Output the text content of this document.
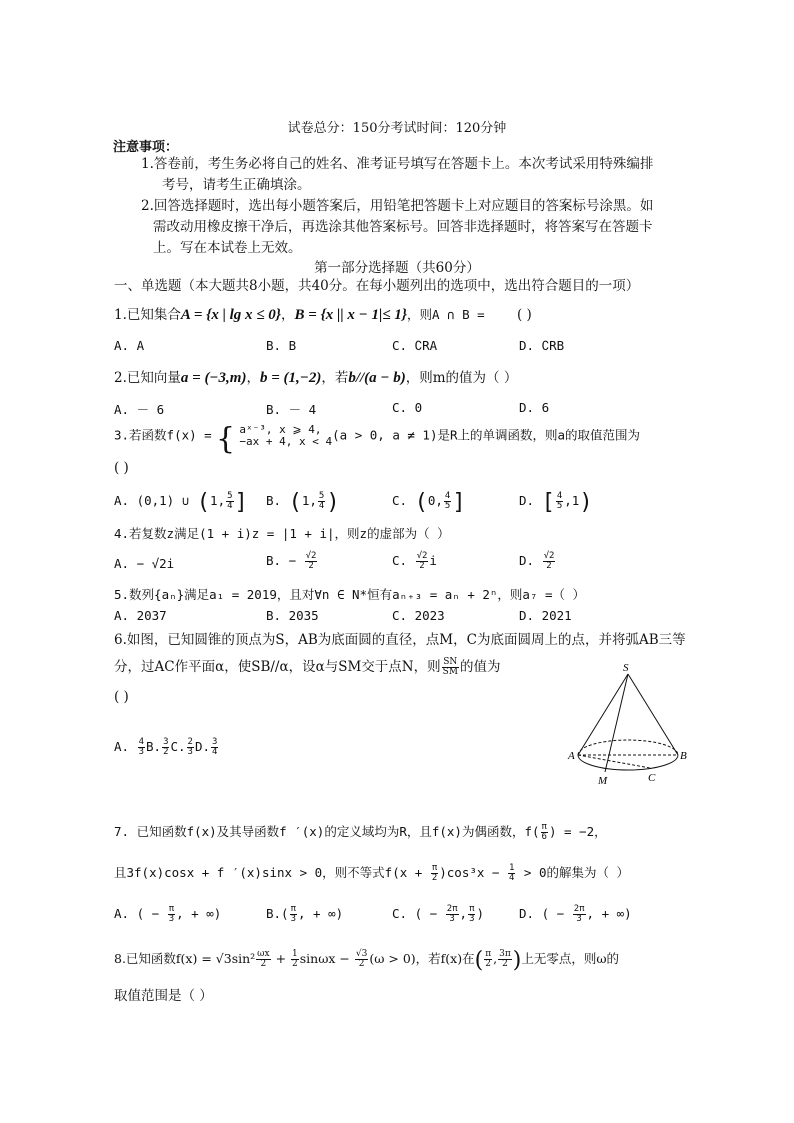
试卷总分：150分考试时间：120分钟
注意事项：
1.答卷前，考生务必将自己的姓名、准考证号填写在答题卡上。本次考试采用特殊编排
考号，请考生正确填涂。
2.回答选择题时，选出每小题答案后，用铅笔把答题卡上对应题目的答案标号涂黑。如
需改动用橡皮擦干净后，再选涂其他答案标号。回答非选择题时，将答案写在答题卡
上。写在本试卷上无效。
第一部分选择题（共60分）
一、单选题（本大题共8小题，共40分。在每小题列出的选项中，选出符合题目的一项）
1.已知集合A = {x | lg x ≤ 0}，B = {x || x − 1|≤ 1}，则A ∩ B = ( )
A. A	B. B	C. ∁RA	D. ∁RB
2.已知向量a = (−3,m)，b = (1,−2)，若b//(a − b)，则m的值为（ ）
A. － 6	B. － 4	C. 0	D. 6
3.若函数f(x) = { aˣ⁻³, x ⩾ 4,
−ax + 4, x < 4 (a > 0, a ≠ 1)是R上的单调函数，则a的取值范围为
( )
A. (0,1) ∪ (1, $\frac{5}{4}$ ] B. (1, $\frac{5}{4}$ )	C. (0, $\frac{4}{5}$ ]	D. [ $\frac{4}{5} ,1$)
4.若复数z满足(1 + i)z = |1 + i|，则z的虚部为（ ）
A. − √2i	B. − $\frac{√2}{2}$	C. $\frac{√2}{2}$ i	D. $\frac{√2}{2}$
5.数列{aₙ}满足a₁ = 2019，且对∀n ∈ N*恒有aₙ₊₃ = aₙ + 2ⁿ，则a₇ =（ ）
A. 2037	B. 2035	C. 2023	D. 2021
6.如图，已知圆锥的顶点为S，AB为底面圆的直径，点M，C为底面圆周上的点，并将弧AB三等
分，过AC作平面α，使SB//α，设α与SM交于点N，则 $\frac{SN}{SM}$ 的值为
( )
A. $\frac{4}{3} B$. $\frac{3}{2} C$. $\frac{2}{3} D$. $\frac{3}{4}$
S
A	B
M	C
7. 已知函数f(x)及其导函数f ′(x)的定义域均为R，且f(x)为偶函数，$f( \frac{\pi}{6}$ ) = −2，
且3f(x)cosx + f ′(x)sinx > 0，则不等式$f(x + \frac{\pi}{2} )\cos^3x - \frac{1}{4} > 0$的解集为（ ）
A. ( − $\frac{\pi}{3}$ , + ∞)	$B.( \frac{\pi}{3}$ , + ∞)	C. ( − $\frac{2\pi}{3}$ , $\frac{\pi}{3}$ )	D. ( − $\frac{2\pi}{3}$ , + ∞)
8.已知函数$f(x) = √3\sin^2 \frac{\omega x}{2} + \frac{1}{2}$ $\sin\omega x - \frac{√3}{2} (\omega > 0)$，若f(x)在( $\frac{\pi}{2}$ , $\frac{3\pi}{2}$ )上无零点，则ω的
取值范围是（ ）
